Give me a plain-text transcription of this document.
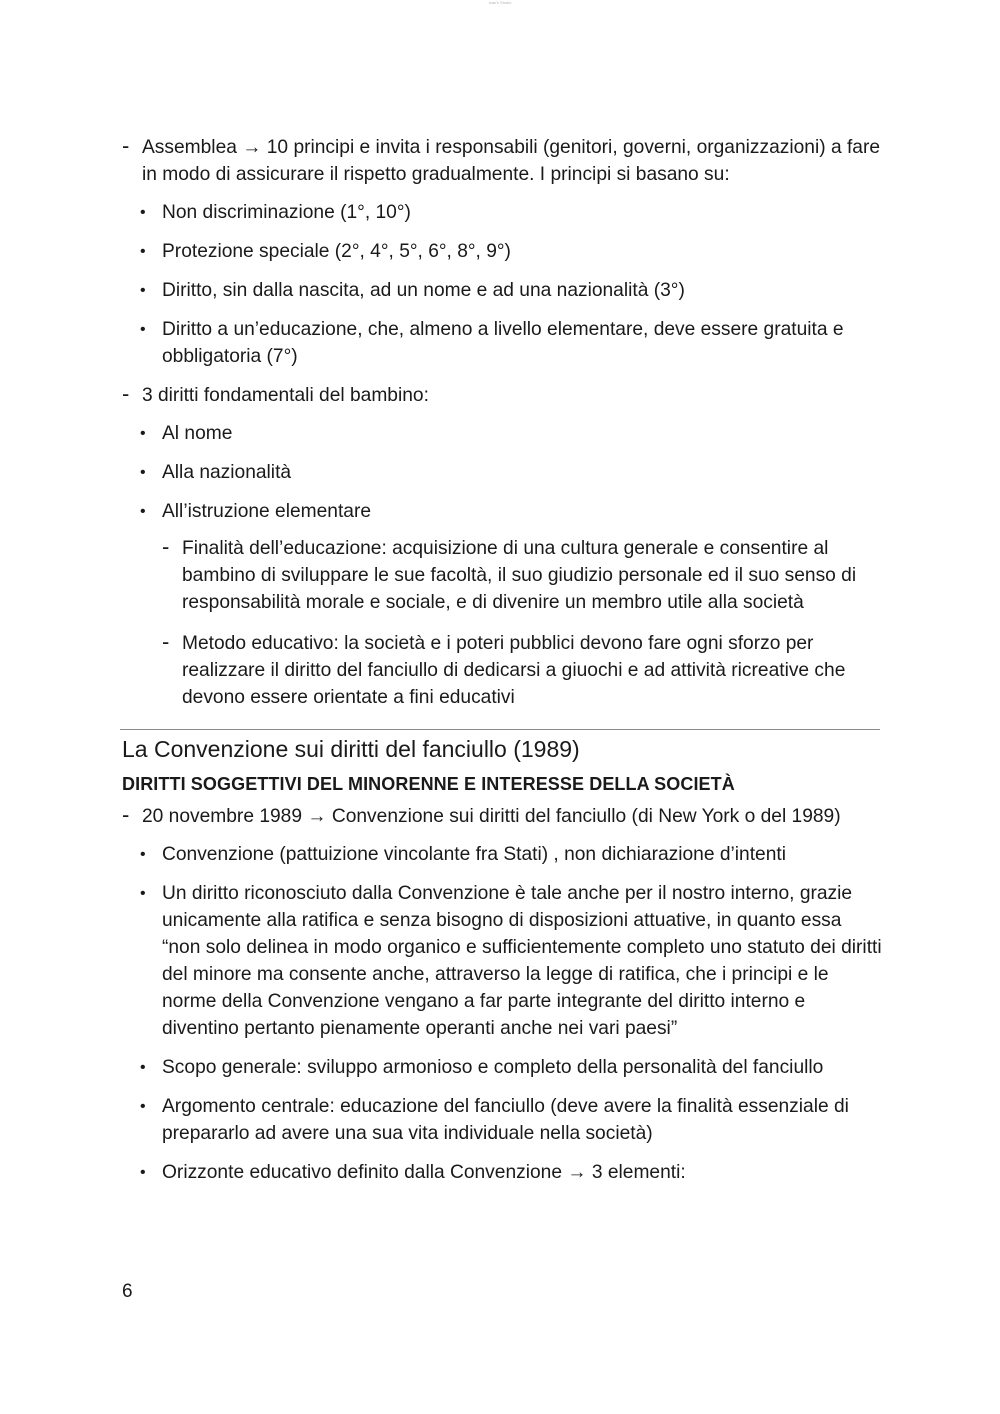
Ivan's Studio
- Assemblea → 10 principi e invita i responsabili (genitori, governi, organizzazioni) a fare in modo di assicurare il rispetto gradualmente. I principi si basano su:
• Non discriminazione (1°, 10°)
• Protezione speciale (2°, 4°, 5°, 6°, 8°, 9°)
• Diritto, sin dalla nascita, ad un nome e ad una nazionalità (3°)
• Diritto a un’educazione, che, almeno a livello elementare, deve essere gratuita e obbligatoria (7°)
- 3 diritti fondamentali del bambino:
• Al nome
• Alla nazionalità
• All’istruzione elementare
- Finalità dell’educazione: acquisizione di una cultura generale e consentire al bambino di sviluppare le sue facoltà, il suo giudizio personale ed il suo senso di responsabilità morale e sociale, e di divenire un membro utile alla società
- Metodo educativo: la società e i poteri pubblici devono fare ogni sforzo per realizzare il diritto del fanciullo di dedicarsi a giuochi e ad attività ricreative che devono essere orientate a fini educativi
La Convenzione sui diritti del fanciullo (1989)
DIRITTI SOGGETTIVI DEL MINORENNE E INTERESSE DELLA SOCIETÀ
- 20 novembre 1989 → Convenzione sui diritti del fanciullo (di New York o del 1989)
• Convenzione (pattuizione vincolante fra Stati) , non dichiarazione d’intenti
• Un diritto riconosciuto dalla Convenzione è tale anche per il nostro interno, grazie unicamente alla ratifica e senza bisogno di disposizioni attuative, in quanto essa “non solo delinea in modo organico e sufficientemente completo uno statuto dei diritti del minore ma consente anche, attraverso la legge di ratifica, che i principi e le norme della Convenzione vengano a far parte integrante del diritto interno e diventino pertanto pienamente operanti anche nei vari paesi”
• Scopo generale: sviluppo armonioso e completo della personalità del fanciullo
• Argomento centrale: educazione del fanciullo (deve avere la finalità essenziale di prepararlo ad avere una sua vita individuale nella società)
• Orizzonte educativo definito dalla Convenzione → 3 elementi:
6
